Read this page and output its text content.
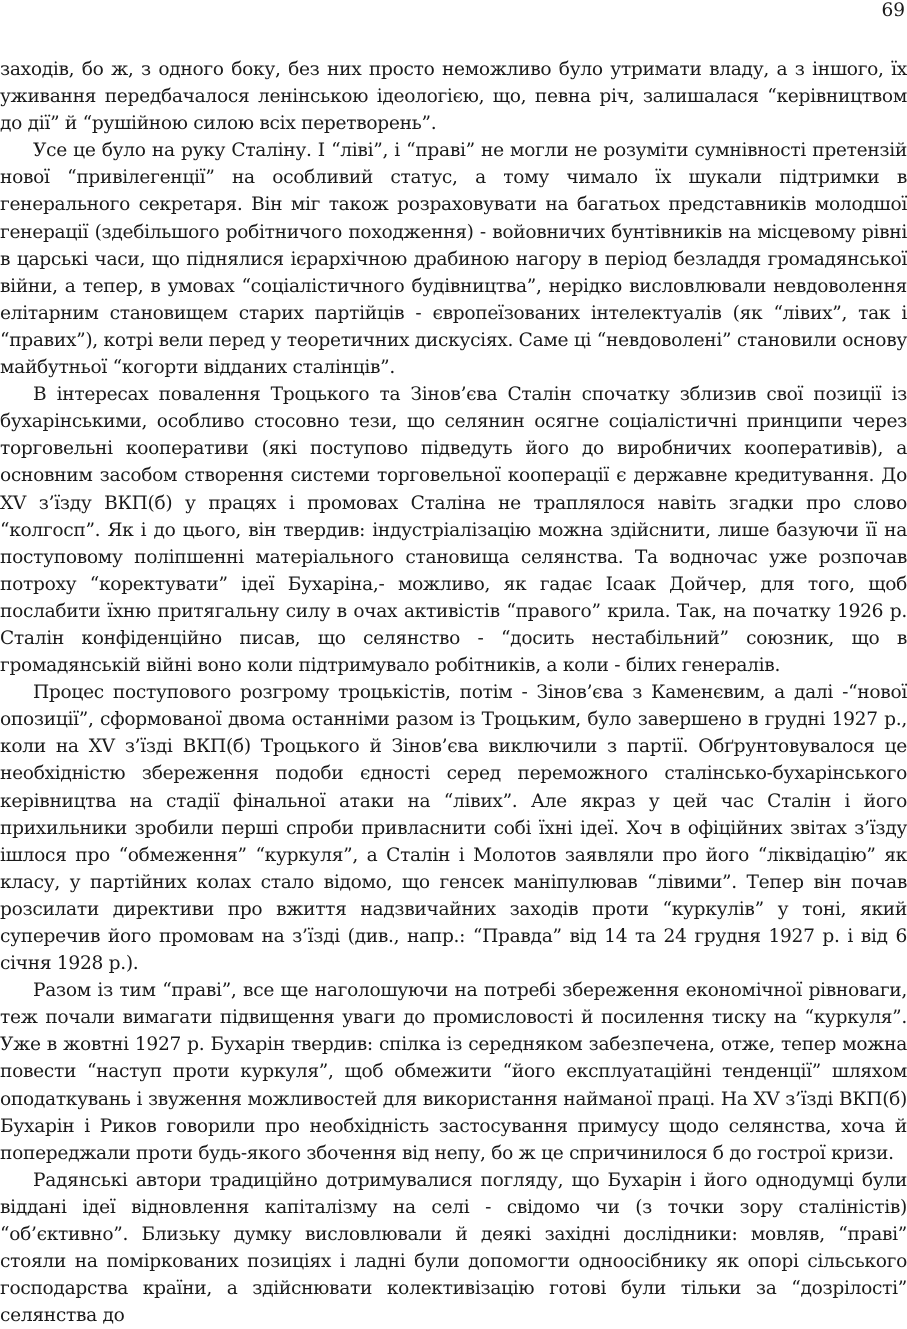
69

заходів, бо ж, з одного боку, без них просто неможливо було утримати владу, а з іншого, їх уживання передбачалося ленінською ідеологією, що, певна річ, залишалася “керівництвом до дії” й “рушійною силою всіх перетворень”.

Усе це було на руку Сталіну. І “ліві”, і “праві” не могли не розуміти сумнівності претензій нової “привілегенції” на особливий статус, а тому чимало їх шукали підтримки в генерального секретаря. Він міг також розраховувати на багатьох представників молодшої генерації (здебільшого робітничого походження) - войовничих бунтівників на місцевому рівні в царські часи, що піднялися ієрархічною драбиною нагору в період безладдя громадянської війни, а тепер, в умовах “соціалістичного будівництва”, нерідко висловлювали невдоволення елітарним становищем старих партійців - європеїзованих інтелектуалів (як “лівих”, так і “правих”), котрі вели перед у теоретичних дискусіях. Саме ці “невдоволені” становили основу майбутньої “когорти відданих сталінців”.

В інтересах повалення Троцького та Зінов’єва Сталін спочатку зблизив свої позиції із бухарінськими, особливо стосовно тези, що селянин осягне соціалістичні принципи через торговельні кооперативи (які поступово підведуть його до виробничих кооперативів), а основним засобом створення системи торговельної кооперації є державне кредитування. До XV з’їзду ВКП(б) у працях і промовах Сталіна не траплялося навіть згадки про слово “колгосп”. Як і до цього, він твердив: індустріалізацію можна здійснити, лише базуючи її на поступовому поліпшенні матеріального становища селянства. Та водночас уже розпочав потроху “коректувати” ідеї Бухаріна,- можливо, як гадає Ісаак Дойчер, для того, щоб послабити їхню притягальну силу в очах активістів “правого” крила. Так, на початку 1926 р. Сталін конфіденційно писав, що селянство - “досить нестабільний” союзник, що в громадянській війні воно коли підтримувало робітників, а коли - білих генералів.

Процес поступового розгрому троцькістів, потім - Зінов’єва з Каменєвим, а далі -“нової опозиції”, сформованої двома останніми разом із Троцьким, було завершено в грудні 1927 р., коли на XV з’їзді ВКП(б) Троцького й Зінов’єва виключили з партії. Обґрунтовувалося це необхідністю збереження подоби єдності серед переможного сталінсько-бухарінського керівництва на стадії фінальної атаки на “лівих”. Але якраз у цей час Сталін і його прихильники зробили перші спроби привласнити собі їхні ідеї. Хоч в офіційних звітах з’їзду ішлося про “обмеження” “куркуля”, а Сталін і Молотов заявляли про його “ліквідацію” як класу, у партійних колах стало відомо, що генсек маніпулював “лівими”. Тепер він почав розсилати директиви про вжиття надзвичайних заходів проти “куркулів” у тоні, який суперечив його промовам на з’їзді (див., напр.: “Правда” від 14 та 24 грудня 1927 р. і від 6 січня 1928 р.).

Разом із тим “праві”, все ще наголошуючи на потребі збереження економічної рівноваги, теж почали вимагати підвищення уваги до промисловості й посилення тиску на “куркуля”. Уже в жовтні 1927 р. Бухарін твердив: спілка із середняком забезпечена, отже, тепер можна повести “наступ проти куркуля”, щоб обмежити “його експлуатаційні тенденції” шляхом оподаткувань і звуження можливостей для використання найманої праці. На XV з’їзді ВКП(б) Бухарін і Риков говорили про необхідність застосування примусу щодо селянства, хоча й попереджали проти будь-якого збочення від непу, бо ж це спричинилося б до гострої кризи.

Радянські автори традиційно дотримувалися погляду, що Бухарін і його однодумці були віддані ідеї відновлення капіталізму на селі - свідомо чи (з точки зору сталіністів) “об’єктивно”. Близьку думку висловлювали й деякі західні дослідники: мовляв, “праві” стояли на поміркованих позиціях і ладні були допомогти одноосібнику як опорі сільського господарства країни, а здійснювати колективізацію готові були тільки за “дозрілості” селянства до
